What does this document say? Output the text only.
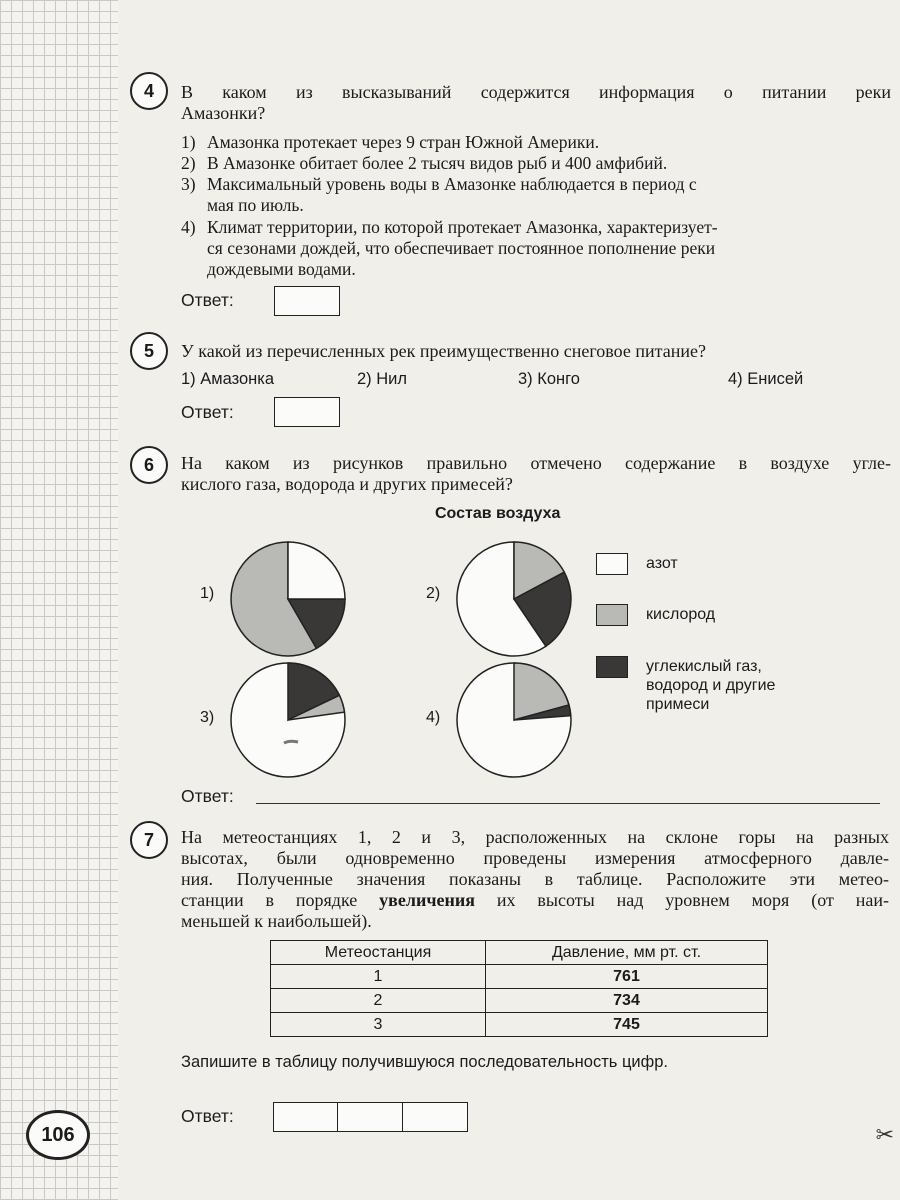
4	В каком из высказываний содержится информация о питании реки
Амазонки?
1) Амазонка протекает через 9 стран Южной Америки.
2) В Амазонке обитает более 2 тысяч видов рыб и 400 амфибий.
3) Максимальный уровень воды в Амазонке наблюдается в период с
мая по июль.
4) Климат территории, по которой протекает Амазонка, характеризует-
ся сезонами дождей, что обеспечивает постоянное пополнение реки
дождевыми водами.
Ответ:
5	У какой из перечисленных рек преимущественно снеговое питание?
1) Амазонка	2) Нил	3) Конго	4) Енисей
Ответ:
6	На каком из рисунков правильно отмечено содержание в воздухе угле-
кислого газа, водорода и других примесей?
Состав воздуха
1)	2)
3)	4)
азот
кислород
углекислый газ,
водород и другие
примеси
Ответ:
7	На метеостанциях 1, 2 и 3, расположенных на склоне горы на разных
высотах, были одновременно проведены измерения атмосферного давле-
ния. Полученные значения показаны в таблице. Расположите эти метео-
станции в порядке увеличения их высоты над уровнем моря (от наи-
меньшей к наибольшей).
Метеостанция	Давление, мм рт. ст.
1	761
2	734
3	745
Запишите в таблицу получившуюся последовательность цифр.
Ответ:
106	✂
